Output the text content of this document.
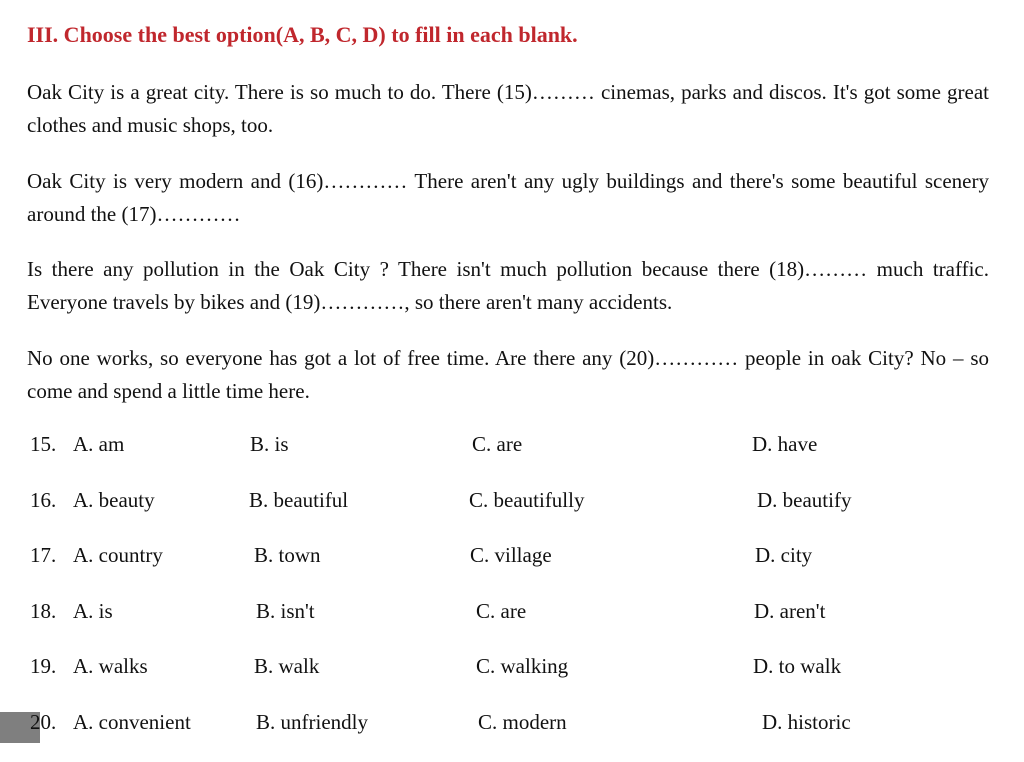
III. Choose the best option(A, B, C, D) to fill in each blank.
Oak City is a great city. There is so much to do. There (15)……… cinemas, parks and discos. It's got some great clothes and music shops, too.
Oak City is very modern and (16)………… There aren't any ugly buildings and there's some beautiful scenery around the (17)…………
Is there any pollution in the Oak City ? There isn't much pollution because there (18)……… much traffic. Everyone travels by bikes and (19)…………, so there aren't many accidents.
No one works, so everyone has got a lot of free time. Are there any (20)………… people in oak City? No – so come and spend a little time here.
15. A. am	B. is	C. are	D. have
16. A. beauty	B. beautiful	C. beautifully	D. beautify
17. A. country	B. town	C. village	D. city
18. A. is	B. isn't	C. are	D. aren't
19. A. walks	B. walk	C. walking	D. to walk
20. A. convenient	B. unfriendly	C. modern	D. historic
